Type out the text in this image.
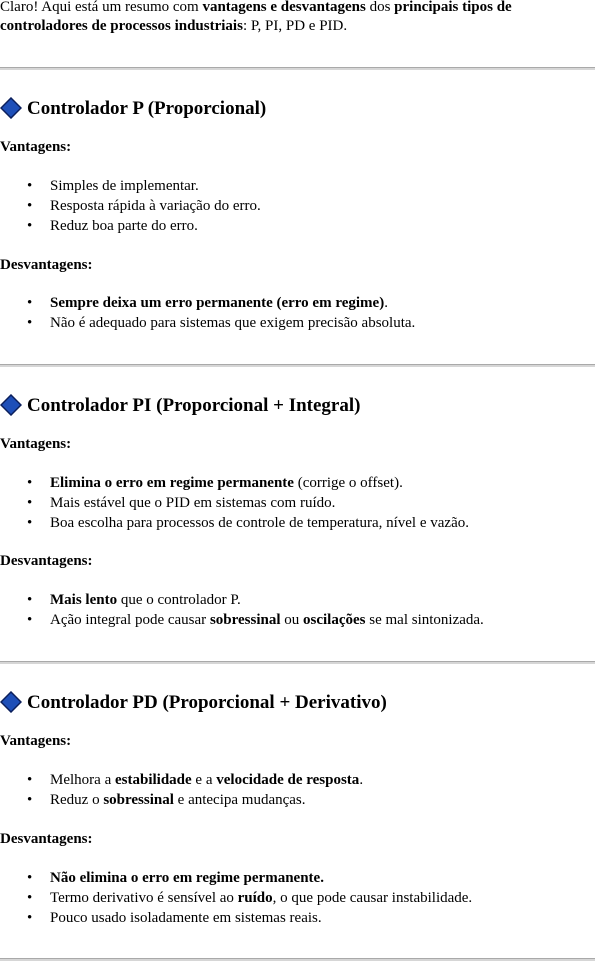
Claro! Aqui está um resumo com vantagens e desvantagens dos principais tipos de
controladores de processos industriais: P, PI, PD e PID.
Controlador P (Proporcional)
Vantagens:
• Simples de implementar.
• Resposta rápida à variação do erro.
• Reduz boa parte do erro.
Desvantagens:
• Sempre deixa um erro permanente (erro em regime).
• Não é adequado para sistemas que exigem precisão absoluta.
Controlador PI (Proporcional + Integral)
Vantagens:
• Elimina o erro em regime permanente (corrige o offset).
• Mais estável que o PID em sistemas com ruído.
• Boa escolha para processos de controle de temperatura, nível e vazão.
Desvantagens:
• Mais lento que o controlador P.
• Ação integral pode causar sobressinal ou oscilações se mal sintonizada.
Controlador PD (Proporcional + Derivativo)
Vantagens:
• Melhora a estabilidade e a velocidade de resposta.
• Reduz o sobressinal e antecipa mudanças.
Desvantagens:
• Não elimina o erro em regime permanente.
• Termo derivativo é sensível ao ruído, o que pode causar instabilidade.
• Pouco usado isoladamente em sistemas reais.
